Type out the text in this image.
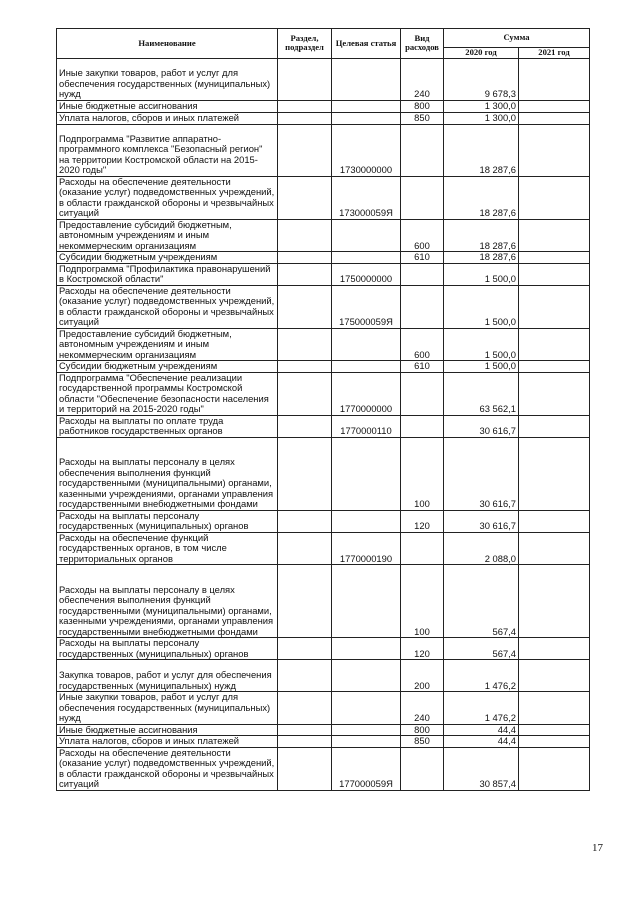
Наименование	Раздел, подраздел	Целевая статья	Вид расходов	Сумма	
				2020 год	2021 год
Иные закупки товаров, работ и услуг для обеспечения государственных (муниципальных) нужд			240	9 678,3	
Иные бюджетные ассигнования			800	1 300,0	
Уплата налогов, сборов и иных платежей			850	1 300,0	
Подпрограмма "Развитие аппаратно-программного комплекса "Безопасный регион" на территории Костромской области на 2015-2020 годы"		1730000000		18 287,6	
Расходы на обеспечение деятельности (оказание услуг) подведомственных учреждений, в области гражданской обороны и чрезвычайных ситуаций		173000059Я		18 287,6	
Предоставление субсидий бюджетным, автономным учреждениям и иным некоммерческим организациям			600	18 287,6	
Субсидии бюджетным учреждениям			610	18 287,6	
Подпрограмма "Профилактика правонарушений в Костромской области"		1750000000		1 500,0	
Расходы на обеспечение деятельности (оказание услуг) подведомственных учреждений, в области гражданской обороны и чрезвычайных ситуаций		175000059Я		1 500,0	
Предоставление субсидий бюджетным, автономным учреждениям и иным некоммерческим организациям			600	1 500,0	
Субсидии бюджетным учреждениям			610	1 500,0	
Подпрограмма "Обеспечение реализации государственной программы Костромской области "Обеспечение безопасности населения и территорий на 2015-2020 годы"		1770000000		63 562,1	
Расходы на выплаты по оплате труда работников государственных органов		1770000110		30 616,7	
Расходы на выплаты персоналу в целях обеспечения выполнения функций государственными (муниципальными) органами, казенными учреждениями, органами управления государственными внебюджетными фондами			100	30 616,7	
Расходы на выплаты персоналу государственных (муниципальных) органов			120	30 616,7	
Расходы на обеспечение функций государственных органов, в том числе территориальных органов		1770000190		2 088,0	
Расходы на выплаты персоналу в целях обеспечения выполнения функций государственными (муниципальными) органами, казенными учреждениями, органами управления государственными внебюджетными фондами			100	567,4	
Расходы на выплаты персоналу государственных (муниципальных) органов			120	567,4	
Закупка товаров, работ и услуг для обеспечения государственных (муниципальных) нужд			200	1 476,2	
Иные закупки товаров, работ и услуг для обеспечения государственных (муниципальных) нужд			240	1 476,2	
Иные бюджетные ассигнования			800	44,4	
Уплата налогов, сборов и иных платежей			850	44,4	
Расходы на обеспечение деятельности (оказание услуг) подведомственных учреждений, в области гражданской обороны и чрезвычайных ситуаций		177000059Я		30 857,4	
17
